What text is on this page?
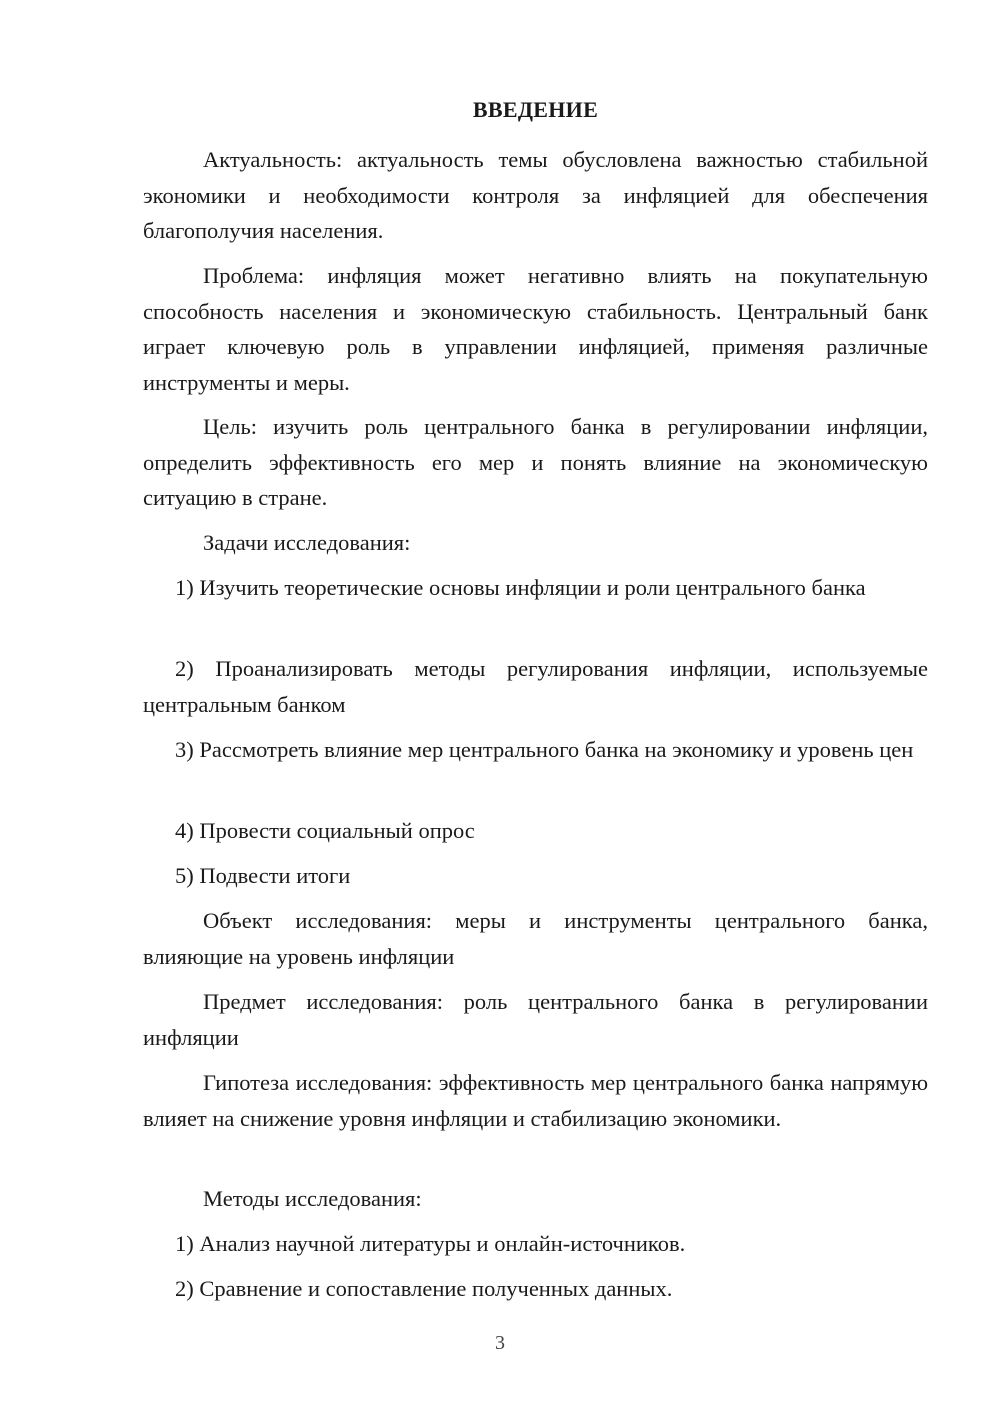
ВВЕДЕНИЕ

Актуальность: актуальность темы обусловлена важностью стабильной экономики и необходимости контроля за инфляцией для обеспечения благополучия населения.

Проблема: инфляция может негативно влиять на покупательную способность населения и экономическую стабильность. Центральный банк играет ключевую роль в управлении инфляцией, применяя различные инструменты и меры.

Цель: изучить роль центрального банка в регулировании инфляции, определить эффективность его мер и понять влияние на экономическую ситуацию в стране.

Задачи исследования:

1) Изучить теоретические основы инфляции и роли центрального банка

2) Проанализировать методы регулирования инфляции, используемые центральным банком

3) Рассмотреть влияние мер центрального банка на экономику и уровень цен

4) Провести социальный опрос

5) Подвести итоги

Объект исследования: меры и инструменты центрального банка, влияющие на уровень инфляции

Предмет исследования: роль центрального банка в регулировании инфляции

Гипотеза исследования: эффективность мер центрального банка напрямую влияет на снижение уровня инфляции и стабилизацию экономики.

Методы исследования:

1) Анализ научной литературы и онлайн-источников.

2) Сравнение и сопоставление полученных данных.

3
